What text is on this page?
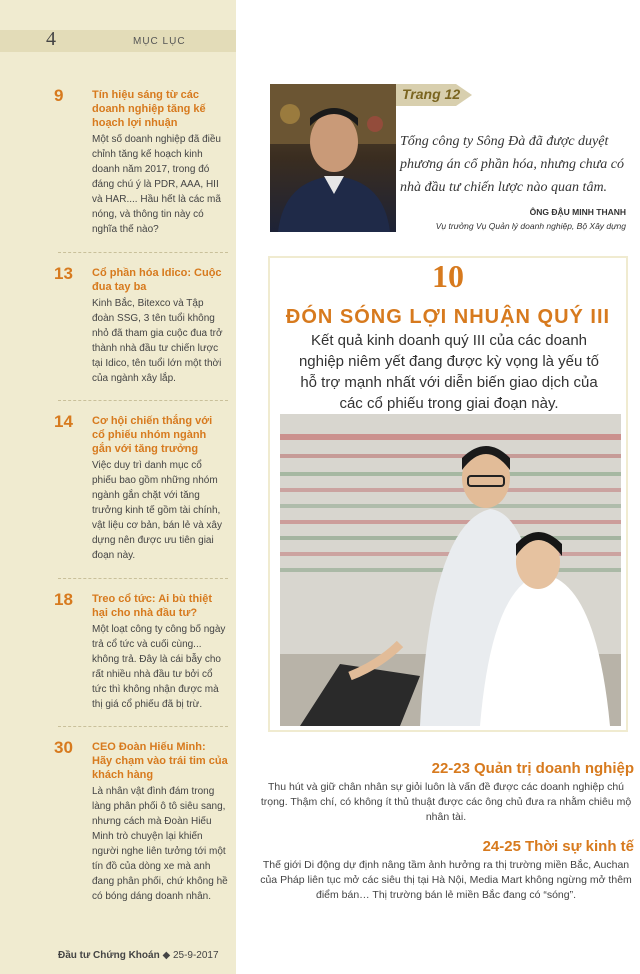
4	MỤC LỤC
9	Tín hiệu sáng từ các doanh nghiệp tăng kế hoạch lợi nhuận
Một số doanh nghiệp đã điều chỉnh tăng kế hoạch kinh doanh năm 2017, trong đó đáng chú ý là PDR, AAA, HII và HAR.... Hầu hết là các mã nóng, và thông tin này có nghĩa thế nào?
13 Cổ phần hóa Idico: Cuộc đua tay ba
Kinh Bắc, Bitexco và Tập đoàn SSG, 3 tên tuổi không nhỏ đã tham gia cuộc đua trở thành nhà đầu tư chiến lược tại Idico, tên tuổi lớn một thời của ngành xây lắp.
14 Cơ hội chiến thắng với cổ phiếu nhóm ngành gắn với tăng trưởng
Việc duy trì danh mục cổ phiếu bao gồm những nhóm ngành gắn chặt với tăng trưởng kinh tế gồm tài chính, vật liệu cơ bản, bán lẻ và xây dựng nên được ưu tiên giai đoạn này.
18 Treo cổ tức: Ai bù thiệt hại cho nhà đầu tư?
Một loạt công ty công bố ngày trả cổ tức và cuối cùng... không trả. Đây là cái bẫy cho rất nhiều nhà đầu tư bởi cổ tức thì không nhận được mà thị giá cổ phiếu đã bị trừ.
30 CEO Đoàn Hiếu Minh: Hãy chạm vào trái tim của khách hàng
Là nhân vật đình đám trong làng phân phối ô tô siêu sang, nhưng cách mà Đoàn Hiếu Minh trò chuyện lại khiến người nghe liên tưởng tới một tín đồ của dòng xe mà anh đang phân phối, chứ không hề có bóng dáng doanh nhân.
Đầu tư Chứng Khoán ◆ 25-9-2017
Trang 12
Tổng công ty Sông Đà đã được duyệt phương án cổ phần hóa, nhưng chưa có nhà đầu tư chiến lược nào quan tâm.
ÔNG ĐẬU MINH THANH
Vụ trưởng Vụ Quản lý doanh nghiệp, Bộ Xây dựng
10
ĐÓN SÓNG LỢI NHUẬN QUÝ III
Kết quả kinh doanh quý III của các doanh nghiệp niêm yết đang được kỳ vọng là yếu tố hỗ trợ mạnh nhất với diễn biến giao dịch của các cổ phiếu trong giai đoạn này.
22-23 Quản trị doanh nghiệp
Thu hút và giữ chân nhân sự giỏi luôn là vấn đề được các doanh nghiệp chú trọng. Thậm chí, có không ít thủ thuật được các ông chủ đưa ra nhằm chiêu mộ nhân tài.
24-25 Thời sự kinh tế
Thế giới Di động dự định nâng tầm ảnh hưởng ra thị trường miền Bắc, Auchan của Pháp liên tục mở các siêu thị tại Hà Nội, Media Mart không ngừng mở thêm điểm bán… Thị trường bán lẻ miền Bắc đang có “sóng”.
